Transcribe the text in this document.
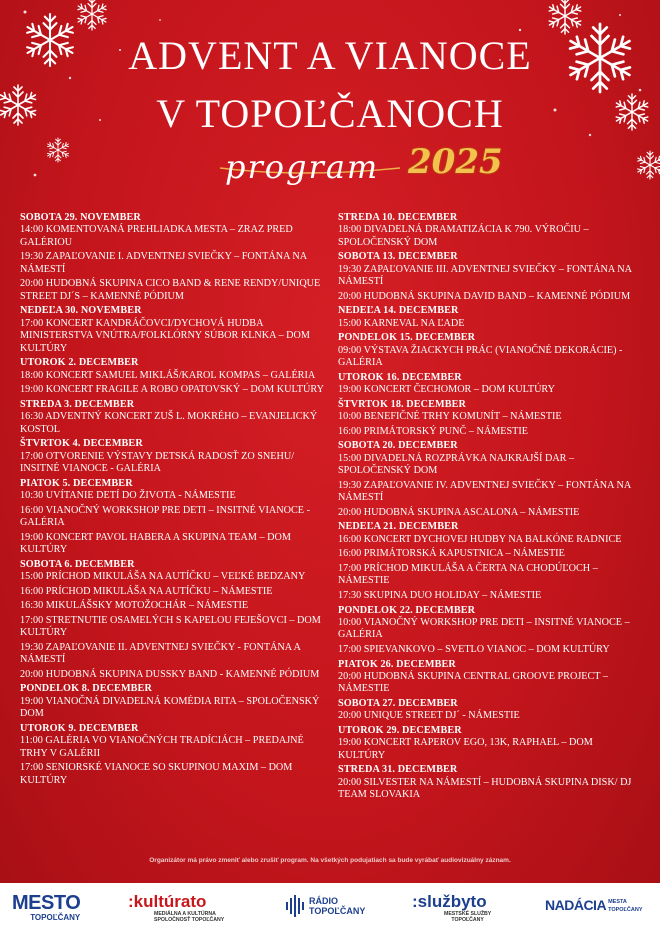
ADVENT A VIANOCE
V TOPOĽČANOCH
program 2025
SOBOTA 29. NOVEMBER
14:00 KOMENTOVANÁ PREHLIADKA MESTA – ZRAZ PRED GALÉRIOU
19:30 ZAPAĽOVANIE I. ADVENTNEJ SVIEČKY – FONTÁNA NA NÁMESTÍ
20:00 HUDOBNÁ SKUPINA CICO BAND & RENE RENDY/UNIQUE STREET DJ´S – KAMENNÉ PÓDIUM
NEDEĽA 30. NOVEMBER
17:00 KONCERT KANDRÁČOVCI/DYCHOVÁ HUDBA MINISTERSTVA VNÚTRA/FOLKLÓRNY SÚBOR KLNKA – DOM KULTÚRY
UTOROK 2. DECEMBER
18:00 KONCERT SAMUEL MIKLÁŠ/KAROL KOMPAS – GALÉRIA
19:00 KONCERT FRAGILE A ROBO OPATOVSKÝ – DOM KULTÚRY
STREDA 3. DECEMBER
16:30 ADVENTNÝ KONCERT ZUŠ L. MOKRÉHO – EVANJELICKÝ KOSTOL
ŠTVRTOK 4. DECEMBER
17:00 OTVORENIE VÝSTAVY DETSKÁ RADOSŤ ZO SNEHU/ INSITNÉ VIANOCE - GALÉRIA
PIATOK 5. DECEMBER
10:30 UVÍTANIE DETÍ DO ŽIVOTA - NÁMESTIE
16:00 VIANOČNÝ WORKSHOP PRE DETI – INSITNÉ VIANOCE - GALÉRIA
19:00 KONCERT PAVOL HABERA A SKUPINA TEAM – DOM KULTÚRY
SOBOTA 6. DECEMBER
15:00 PRÍCHOD MIKULÁŠA NA AUTÍČKU – VEĽKÉ BEDZANY
16:00 PRÍCHOD MIKULÁŠA NA AUTÍČKU – NÁMESTIE
16:30 MIKULÁŠSKY MOTOŽOCHÁR – NÁMESTIE
17:00 STRETNUTIE OSAMELÝCH S KAPELOU FEJEŠOVCI – DOM KULTÚRY
19:30 ZAPAĽOVANIE II. ADVENTNEJ SVIEČKY - FONTÁNA A NÁMESTÍ
20:00 HUDOBNÁ SKUPINA DUSSKY BAND - KAMENNÉ PÓDIUM
PONDELOK 8. DECEMBER
19:00 VIANOČNÁ DIVADELNÁ KOMÉDIA RITA – SPOLOČENSKÝ DOM
UTOROK 9. DECEMBER
11:00 GALÉRIA VO VIANOČNÝCH TRADÍCIÁCH – PREDAJNÉ TRHY V GALÉRII
17:00 SENIORSKÉ VIANOCE SO SKUPINOU MAXIM – DOM KULTÚRY
STREDA 10. DECEMBER
18:00 DIVADELNÁ DRAMATIZÁCIA K 790. VÝROČIU – SPOLOČENSKÝ DOM
SOBOTA 13. DECEMBER
19:30 ZAPAĽOVANIE III. ADVENTNEJ SVIEČKY – FONTÁNA NA NÁMESTÍ
20:00 HUDOBNÁ SKUPINA DAVID BAND – KAMENNÉ PÓDIUM
NEDEĽA 14. DECEMBER
15:00 KARNEVAL NA ĽADE
PONDELOK 15. DECEMBER
09:00 VÝSTAVA ŽIACKYCH PRÁC (VIANOČNÉ DEKORÁCIE) - GALÉRIA
UTOROK 16. DECEMBER
19:00 KONCERT ČECHOMOR – DOM KULTÚRY
ŠTVRTOK 18. DECEMBER
10:00 BENEFIČNÉ TRHY KOMUNÍT – NÁMESTIE
16:00 PRIMÁTORSKÝ PUNČ – NÁMESTIE
SOBOTA 20. DECEMBER
15:00 DIVADELNÁ ROZPRÁVKA NAJKRAJŠÍ DAR – SPOLOČENSKÝ DOM
19:30 ZAPAĽOVANIE IV. ADVENTNEJ SVIEČKY – FONTÁNA NA NÁMESTÍ
20:00 HUDOBNÁ SKUPINA ASCALONA – NÁMESTIE
NEDEĽA 21. DECEMBER
16:00 KONCERT DYCHOVEJ HUDBY NA BALKÓNE RADNICE
16:00 PRIMÁTORSKÁ KAPUSTNICA – NÁMESTIE
17:00 PRÍCHOD MIKULÁŠA A ČERTA NA CHODÚĽOCH – NÁMESTIE
17:30 SKUPINA DUO HOLIDAY – NÁMESTIE
PONDELOK 22. DECEMBER
10:00 VIANOČNÝ WORKSHOP PRE DETI – INSITNÉ VIANOCE – GALÉRIA
17:00 SPIEVANKOVO – SVETLO VIANOC – DOM KULTÚRY
PIATOK 26. DECEMBER
20:00 HUDOBNÁ SKUPINA CENTRAL GROOVE PROJECT – NÁMESTIE
SOBOTA 27. DECEMBER
20:00 UNIQUE STREET DJ´ - NÁMESTIE
UTOROK 29. DECEMBER
19:00 KONCERT RAPEROV EGO, 13K, RAPHAEL – DOM KULTÚRY
STREDA 31. DECEMBER
20:00 SILVESTER NA NÁMESTÍ – HUDOBNÁ SKUPINA DISK/ DJ TEAM SLOVAKIA
Organizátor má právo zmeniť alebo zrušiť program. Na všetkých podujatiach sa bude vyrábať audiovizuálny záznam.
MESTO
TOPOĽČANY
:kultúrato
MEDIÁLNA A KULTÚRNA
SPOLOČNOSŤ TOPOĽČANY
RÁDIO
TOPOĽČANY	:službyto
MESTSKÉ SLUŽBY
TOPOĽČANY
NADÁCIA MESTA
TOPOĽČANY
